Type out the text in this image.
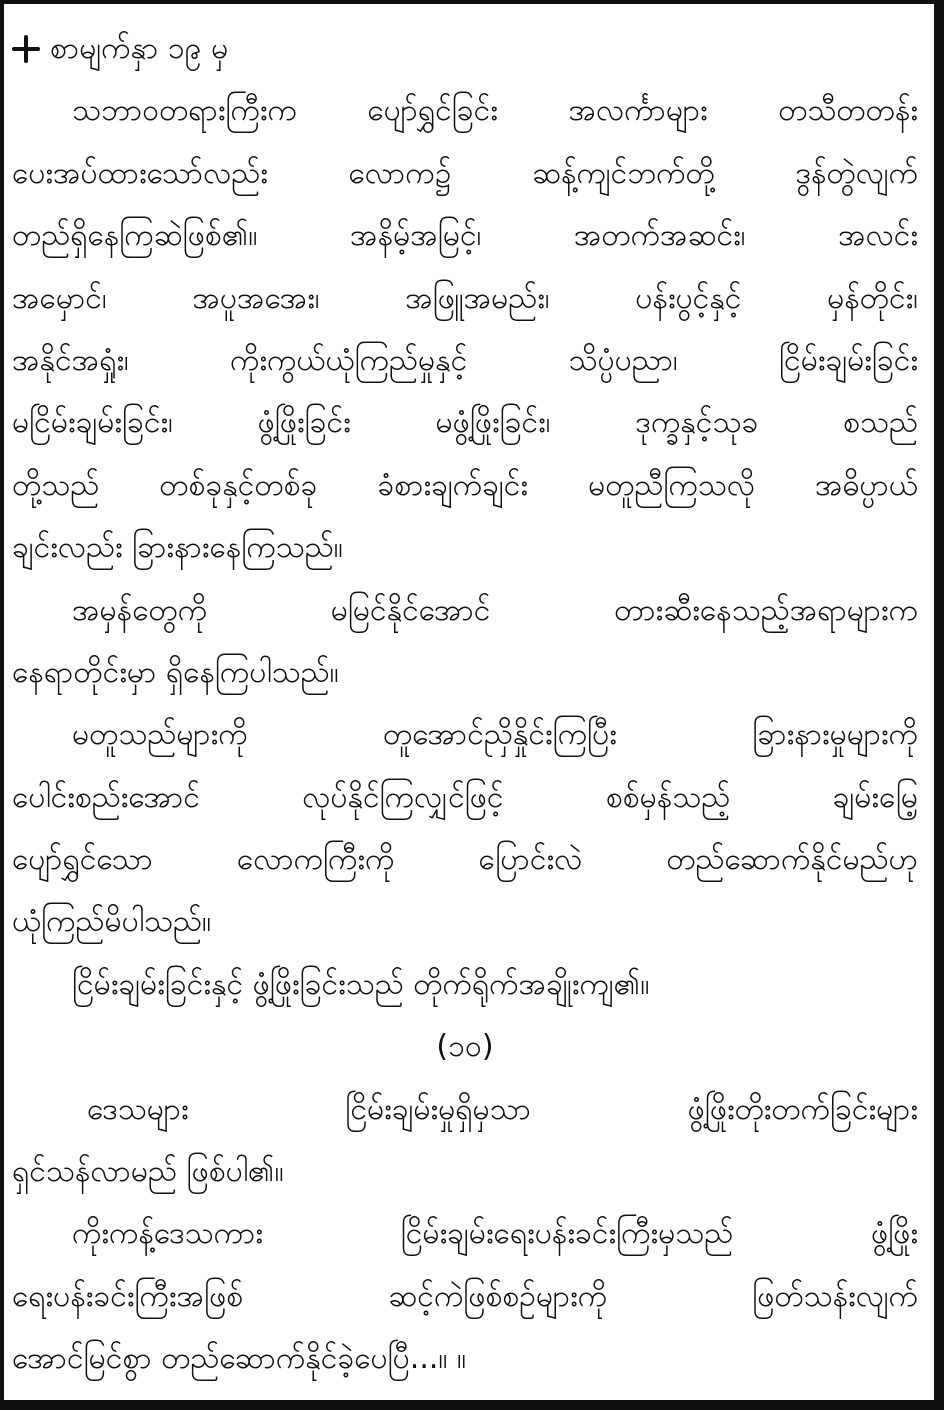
စာမျက်နှာ ၁၉ မှ
သဘာဝတရားကြီးက ပျော်ရွှင်ခြင်း အလင်္ကာများ တသီတတန်း
ပေးအပ်ထားသော်လည်း လောက၌ ဆန့်ကျင်ဘက်တို့ ဒွန်တွဲလျက်
တည်ရှိနေကြဆဲဖြစ်၏။ အနိမ့်အမြင့်၊ အတက်အဆင်း၊ အလင်း
အမှောင်၊ အပူအအေး၊ အဖြူအမည်း၊ ပန်းပွင့်နှင့် မှန်တိုင်း၊
အနိုင်အရှုံး၊ ကိုးကွယ်ယုံကြည်မှုနှင့် သိပ္ပံပညာ၊ ငြိမ်းချမ်းခြင်း
မငြိမ်းချမ်းခြင်း၊ ဖွံ့ဖြိုးခြင်း မဖွံ့ဖြိုးခြင်း၊ ဒုက္ခနှင့်သုခ စသည်
တို့သည် တစ်ခုနှင့်တစ်ခု ခံစားချက်ချင်း မတူညီကြသလို အဓိပ္ပာယ်
ချင်းလည်း ခြားနားနေကြသည်။
အမှန်တွေကို မမြင်နိုင်အောင် တားဆီးနေသည့်အရာများက
နေရာတိုင်းမှာ ရှိနေကြပါသည်။
မတူသည်များကို တူအောင်ညှိနှိုင်းကြပြီး ခြားနားမှုများကို
ပေါင်းစည်းအောင် လုပ်နိုင်ကြလျှင်ဖြင့် စစ်မှန်သည့် ချမ်းမြေ့
ပျော်ရွှင်သော လောကကြီးကို ပြောင်းလဲ တည်ဆောက်နိုင်မည်ဟု
ယုံကြည်မိပါသည်။
ငြိမ်းချမ်းခြင်းနှင့် ဖွံ့ဖြိုးခြင်းသည် တိုက်ရိုက်အချိုးကျ၏။
(၁၀)
ဒေသများ ငြိမ်းချမ်းမှုရှိမှသာ ဖွံ့ဖြိုးတိုးတက်ခြင်းများ
ရှင်သန်လာမည် ဖြစ်ပါ၏။
ကိုးကန့်ဒေသကား ငြိမ်းချမ်းရေးပန်းခင်းကြီးမှသည် ဖွံ့ဖြိုး
ရေးပန်းခင်းကြီးအဖြစ် ဆင့်ကဲဖြစ်စဉ်များကို ဖြတ်သန်းလျက်
အောင်မြင်စွာ တည်ဆောက်နိုင်ခဲ့ပေပြီ...။ ။
